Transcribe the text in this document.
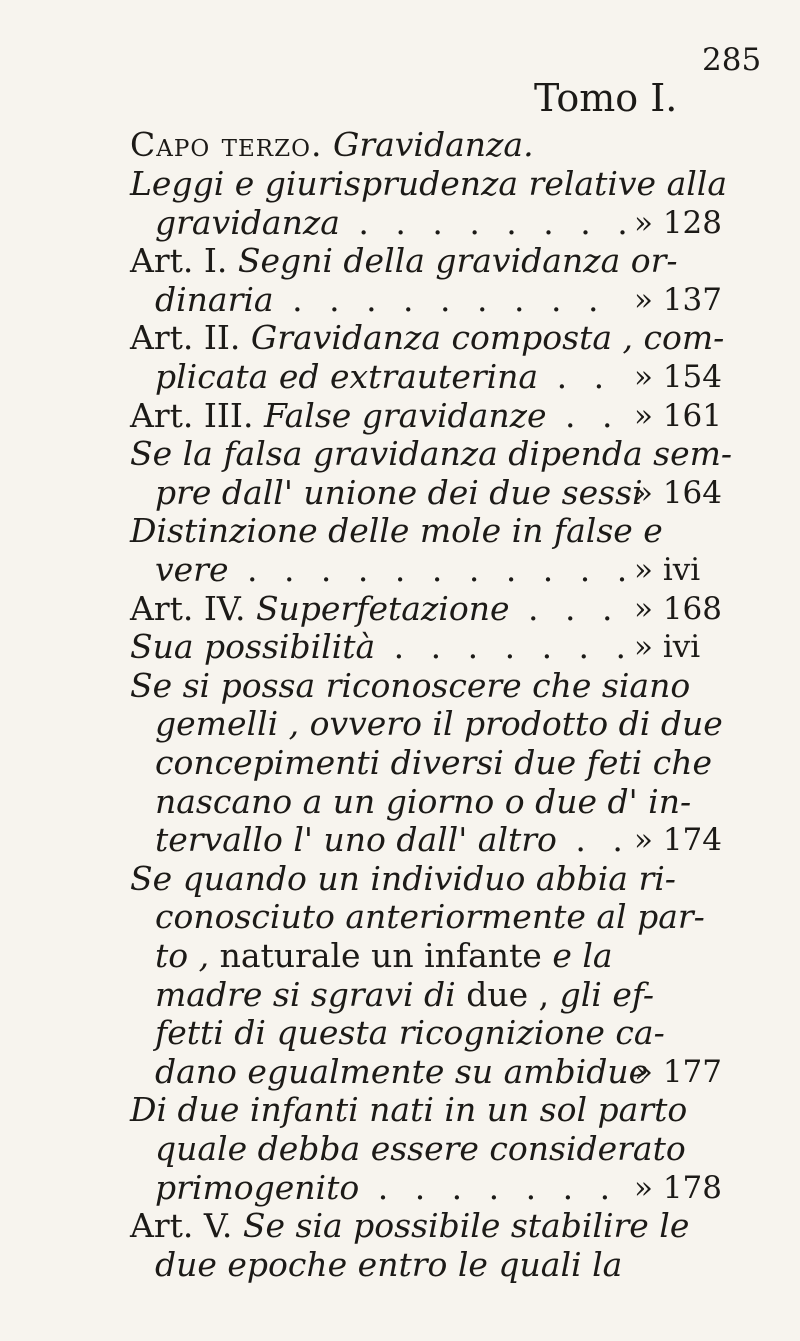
285
Tomo I.
Capo terzo. Gravidanza.
Leggi e giurisprudenza relative alla
gravidanza . . . . . . . .
» 128
Art. I. Segni della gravidanza or-
dinaria . . . . . . . . . » 137
Art. II. Gravidanza composta , com-
plicata ed extrauterina . . » 154
Art. III. False gravidanze . . » 161
Se la falsa gravidanza dipenda sem-
pre dall' unione dei due sessi
» 164
Distinzione delle mole in false e
vere . . . . . . . . . . .
» ivi
Art. IV. Superfetazione . . . » 168
Sua possibilità . . . . . . . » ivi
Se si possa riconoscere che siano
gemelli , ovvero il prodotto di due
concepimenti diversi due feti che
nascano a un giorno o due d' in-
tervallo l' uno dall' altro . . » 174
Se quando un individuo abbia ri-
conosciuto anteriormente al par-
to , naturale un infante e la
madre si sgravi di due , gli ef-
fetti di questa ricognizione ca-
dano egualmente su ambidue
» 177
Di due infanti nati in un sol parto
quale debba essere considerato
primogenito . . . . . . . » 178
Art. V. Se sia possibile stabilire le
due epoche entro le quali la
